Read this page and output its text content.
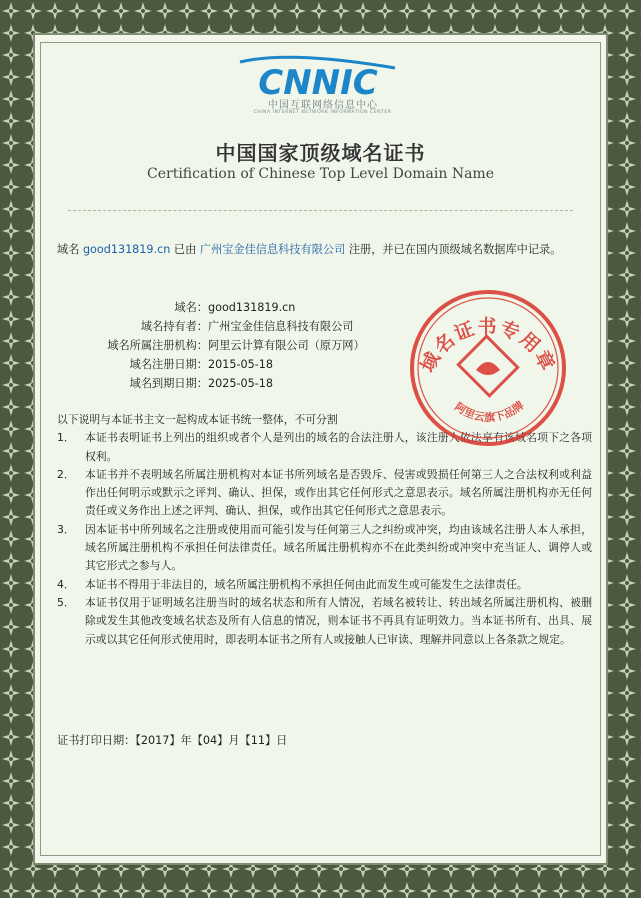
CNNIC
中国互联网络信息中心
CHINA INTERNET NETWORK INFORMATION CENTER
中国国家顶级域名证书
Certification of Chinese Top Level Domain Name
域名 good131819.cn 已由 广州宝金佳信息科技有限公司 注册，并已在国内顶级域名数据库中记录。
域名： good131819.cn
域名持有者： 广州宝金佳信息科技有限公司
域名所属注册机构： 阿里云计算有限公司（原万网）
域名注册日期： 2015-05-18
域名到期日期： 2025-05-18
以下说明与本证书主文一起构成本证书统一整体，不可分割
1． 本证书表明证书上列出的组织或者个人是列出的域名的合法注册人，该注册人依法享有该域名项下之各项权利。
2． 本证书并不表明域名所属注册机构对本证书所列域名是否毁斥、侵害或毁损任何第三人之合法权利或利益作出任何明示或默示之评判、确认、担保，或作出其它任何形式之意思表示。域名所属注册机构亦无任何责任或义务作出上述之评判、确认、担保，或作出其它任何形式之意思表示。
3． 因本证书中所列域名之注册或使用而可能引发与任何第三人之纠纷或冲突，均由该域名注册人本人承担，域名所属注册机构不承担任何法律责任。域名所属注册机构亦不在此类纠纷或冲突中充当证人、调停人或其它形式之参与人。
4． 本证书不得用于非法目的，域名所属注册机构不承担任何由此而发生或可能发生之法律责任。
5． 本证书仅用于证明域名注册当时的域名状态和所有人情况，若域名被转让、转出域名所属注册机构、被删除或发生其他改变域名状态及所有人信息的情况，则本证书不再具有证明效力。当本证书所有、出具、展示或以其它任何形式使用时，即表明本证书之所有人或接触人已审读、理解并同意以上各条款之规定。
证书打印日期：【2017】年【04】月【11】日
域名证书专用章
阿里云旗下品牌
